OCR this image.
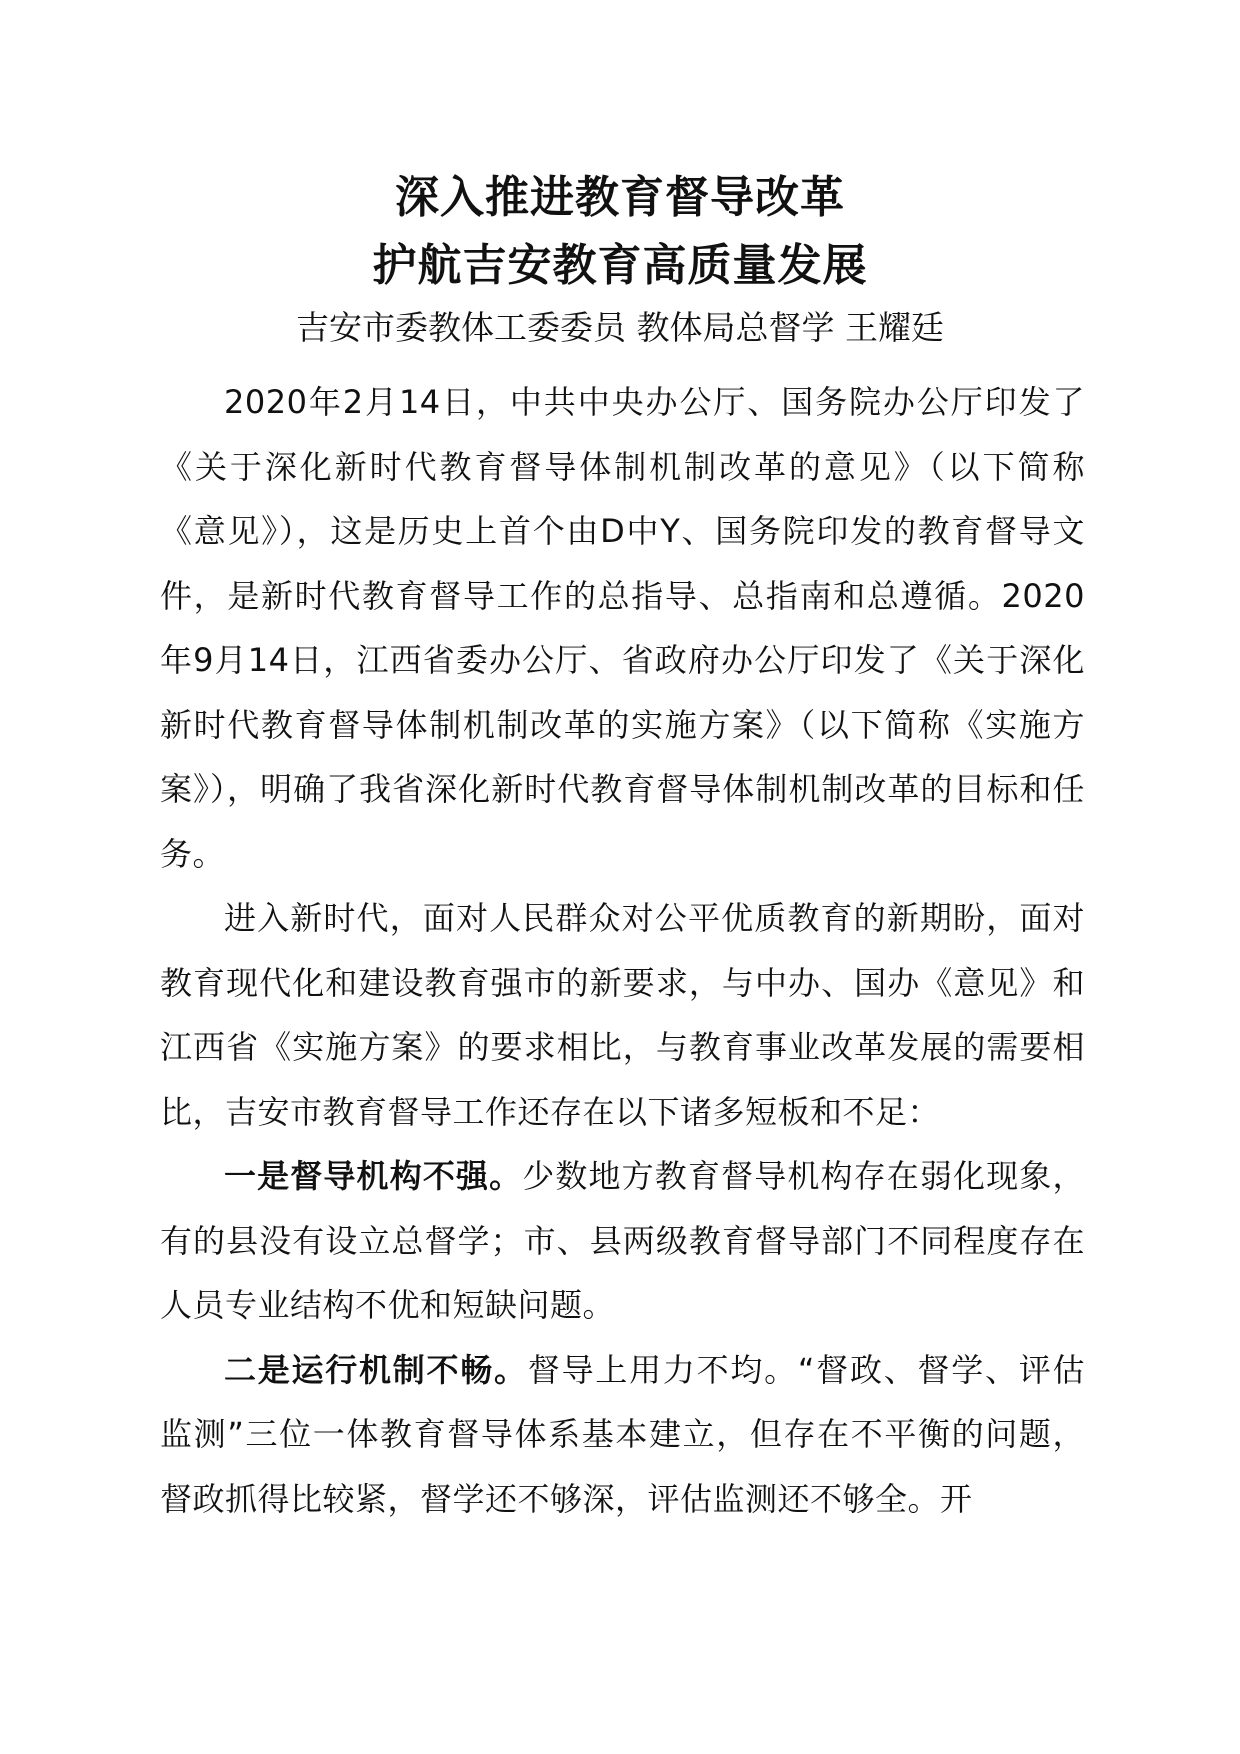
深入推进教育督导改革
护航吉安教育高质量发展

吉安市委教体工委委员 教体局总督学 王耀廷

2020年2月14日，中共中央办公厅、国务院办公厅印发了《关于深化新时代教育督导体制机制改革的意见》（以下简称《意见》），这是历史上首个由D中Y、国务院印发的教育督导文件，是新时代教育督导工作的总指导、总指南和总遵循。2020年9月14日，江西省委办公厅、省政府办公厅印发了《关于深化新时代教育督导体制机制改革的实施方案》（以下简称《实施方案》），明确了我省深化新时代教育督导体制机制改革的目标和任务。

进入新时代，面对人民群众对公平优质教育的新期盼，面对教育现代化和建设教育强市的新要求，与中办、国办《意见》和江西省《实施方案》的要求相比，与教育事业改革发展的需要相比，吉安市教育督导工作还存在以下诸多短板和不足：

一是督导机构不强。少数地方教育督导机构存在弱化现象，有的县没有设立总督学；市、县两级教育督导部门不同程度存在人员专业结构不优和短缺问题。

二是运行机制不畅。督导上用力不均。“督政、督学、评估监测”三位一体教育督导体系基本建立，但存在不平衡的问题，督政抓得比较紧，督学还不够深，评估监测还不够全。开
